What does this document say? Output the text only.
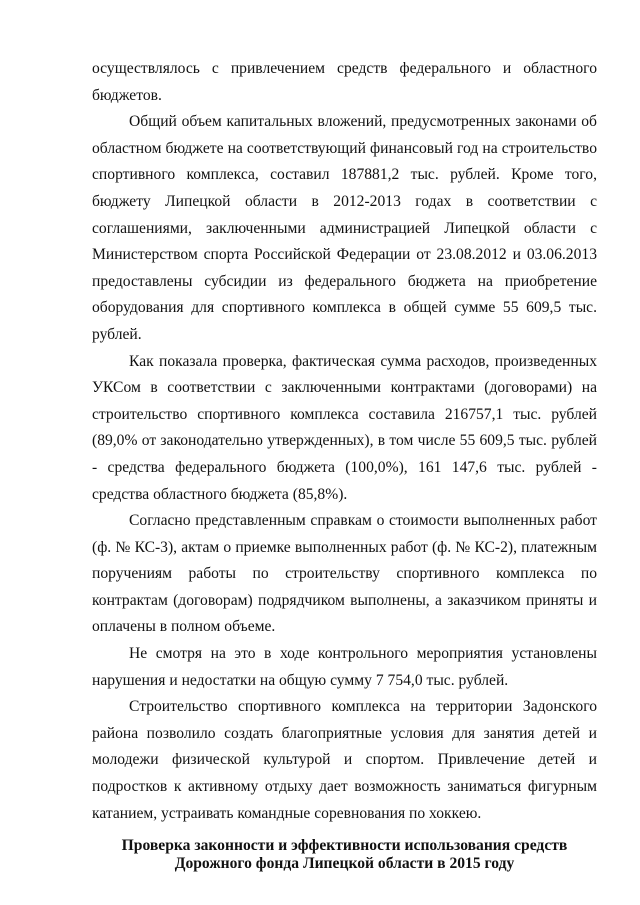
осуществлялось с привлечением средств федерального и областного бюджетов.

Общий объем капитальных вложений, предусмотренных законами об областном бюджете на соответствующий финансовый год на строительство спортивного комплекса, составил 187881,2 тыс. рублей. Кроме того, бюджету Липецкой области в 2012-2013 годах в соответствии с соглашениями, заключенными администрацией Липецкой области с Министерством спорта Российской Федерации от 23.08.2012 и 03.06.2013 предоставлены субсидии из федерального бюджета на приобретение оборудования для спортивного комплекса в общей сумме 55 609,5 тыс. рублей.

Как показала проверка, фактическая сумма расходов, произведенных УКСом в соответствии с заключенными контрактами (договорами) на строительство спортивного комплекса составила 216757,1 тыс. рублей (89,0% от законодательно утвержденных), в том числе 55 609,5 тыс. рублей - средства федерального бюджета (100,0%), 161 147,6 тыс. рублей - средства областного бюджета (85,8%).

Согласно представленным справкам о стоимости выполненных работ (ф. № КС-3), актам о приемке выполненных работ (ф. № КС-2), платежным поручениям работы по строительству спортивного комплекса по контрактам (договорам) подрядчиком выполнены, а заказчиком приняты и оплачены в полном объеме.

Не смотря на это в ходе контрольного мероприятия установлены нарушения и недостатки на общую сумму 7 754,0 тыс. рублей.

Строительство спортивного комплекса на территории Задонского района позволило создать благоприятные условия для занятия детей и молодежи физической культурой и спортом. Привлечение детей и подростков к активному отдыху дает возможность заниматься фигурным катанием, устраивать командные соревнования по хоккею.

Проверка законности и эффективности использования средств
Дорожного фонда Липецкой области в 2015 году
